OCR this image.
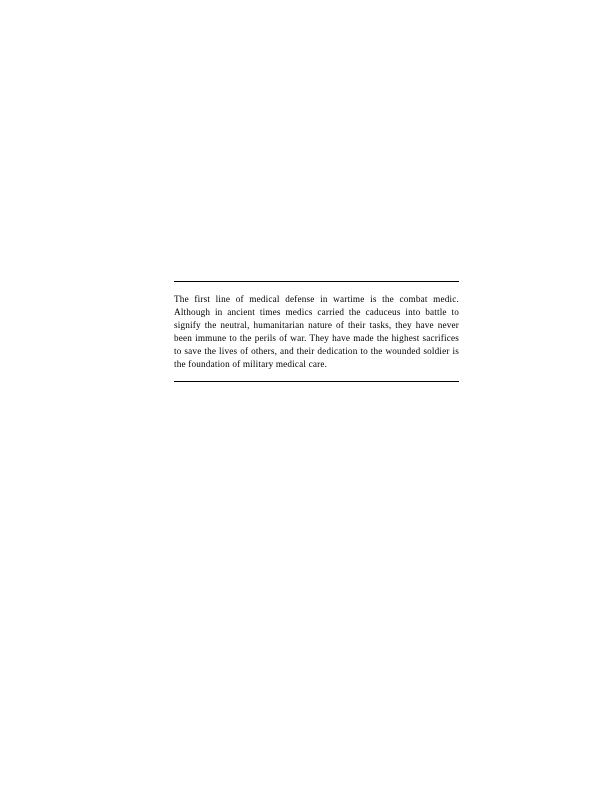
The first line of medical defense in wartime is the combat medic. Although in ancient times medics carried the caduceus into battle to signify the neutral, humanitarian nature of their tasks, they have never been immune to the perils of war. They have made the highest sacrifices to save the lives of others, and their dedication to the wounded soldier is the foundation of military medical care.
